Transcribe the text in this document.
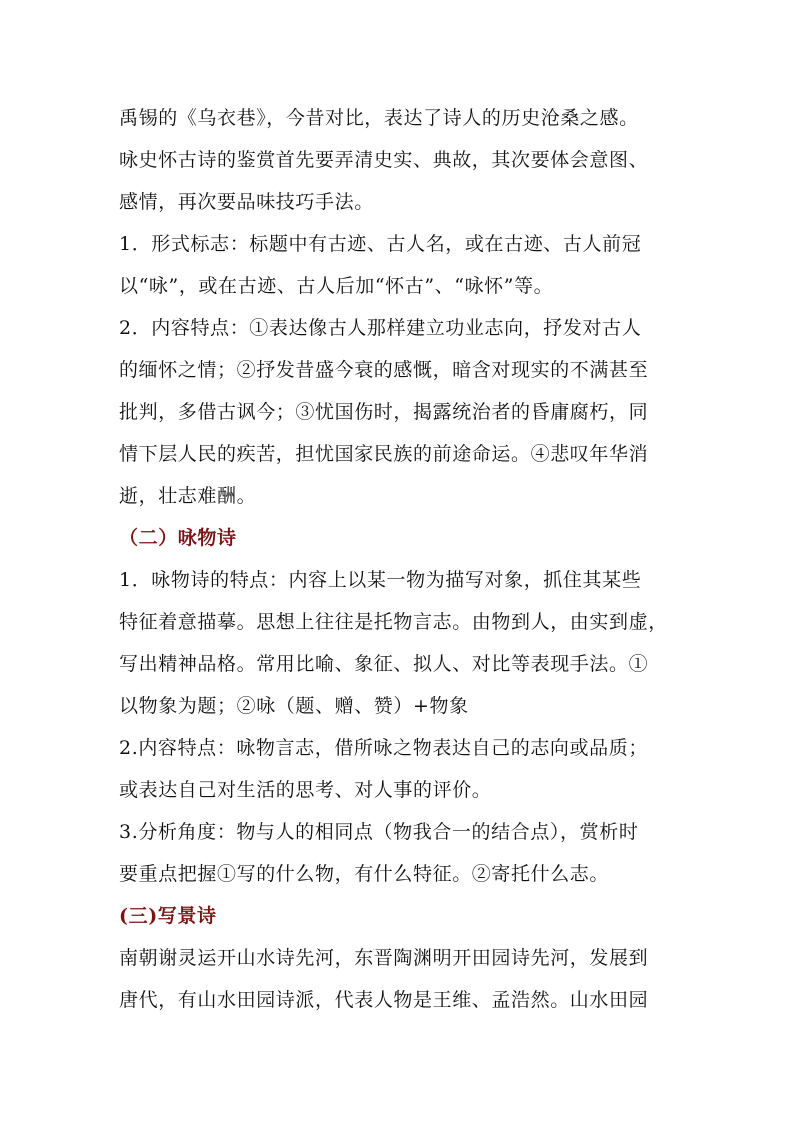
禹锡的《乌衣巷》，今昔对比，表达了诗人的历史沧桑之感。
咏史怀古诗的鉴赏首先要弄清史实、典故，其次要体会意图、
感情，再次要品味技巧手法。
1．形式标志：标题中有古迹、古人名，或在古迹、古人前冠
以“咏”，或在古迹、古人后加“怀古”、“咏怀”等。
2．内容特点：①表达像古人那样建立功业志向，抒发对古人
的缅怀之情；②抒发昔盛今衰的感慨，暗含对现实的不满甚至
批判，多借古讽今；③忧国伤时，揭露统治者的昏庸腐朽，同
情下层人民的疾苦，担忧国家民族的前途命运。④悲叹年华消
逝，壮志难酬。
（二）咏物诗
1．咏物诗的特点：内容上以某一物为描写对象，抓住其某些
特征着意描摹。思想上往往是托物言志。由物到人，由实到虚，
写出精神品格。常用比喻、象征、拟人、对比等表现手法。①
以物象为题；②咏（题、赠、赞）+物象
2.内容特点：咏物言志，借所咏之物表达自己的志向或品质；
或表达自己对生活的思考、对人事的评价。
3.分析角度：物与人的相同点（物我合一的结合点），赏析时
要重点把握①写的什么物，有什么特征。②寄托什么志。
(三)写景诗
南朝谢灵运开山水诗先河，东晋陶渊明开田园诗先河，发展到
唐代，有山水田园诗派，代表人物是王维、孟浩然。山水田园
